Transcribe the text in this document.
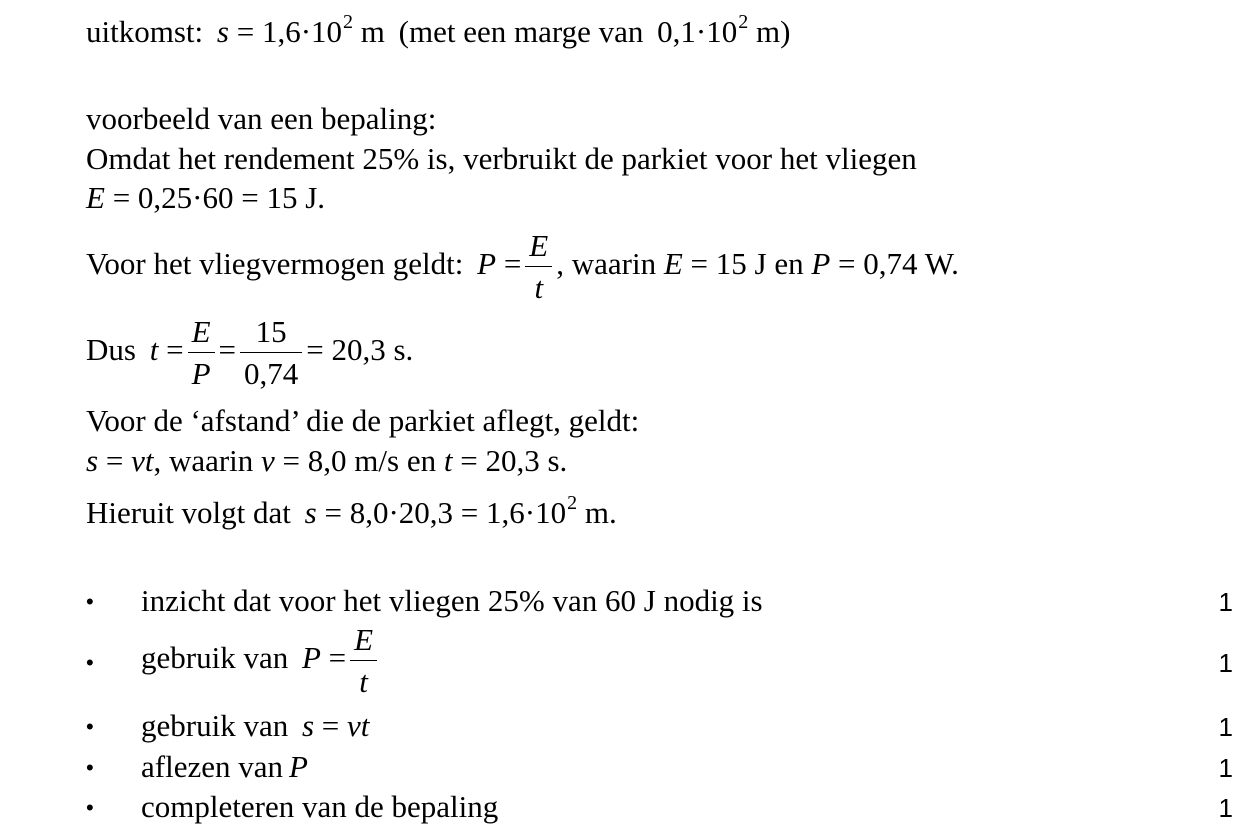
uitkomst: $s = 1,6\cdot 10^2$ m (met een marge van $0,1\cdot 10^2$ m)
voorbeeld van een bepaling:
Omdat het rendement 25% is, verbruikt de parkiet voor het vliegen
E = 0,25·60 = 15 J.
Voor het vliegvermogen geldt: $P = \frac{E}{t}$ , waarin E = 15 J en P = 0,74 W.
Dus $t = \frac{E}{P} = \frac{15}{0,74} = 20,3$ s.
Voor de ‘afstand’ die de parkiet aflegt, geldt:
s = vt, waarin v = 8,0 m/s en t = 20,3 s.
Hieruit volgt dat $s = 8,0\cdot 20,3 = 1,6\cdot 10^2$ m.
• inzicht dat voor het vliegen 25% van 60 J nodig is	1
• gebruik van $P = \frac{E}{t}$	1
• gebruik van s = vt	1
• aflezen van P	1
• completeren van de bepaling	1
